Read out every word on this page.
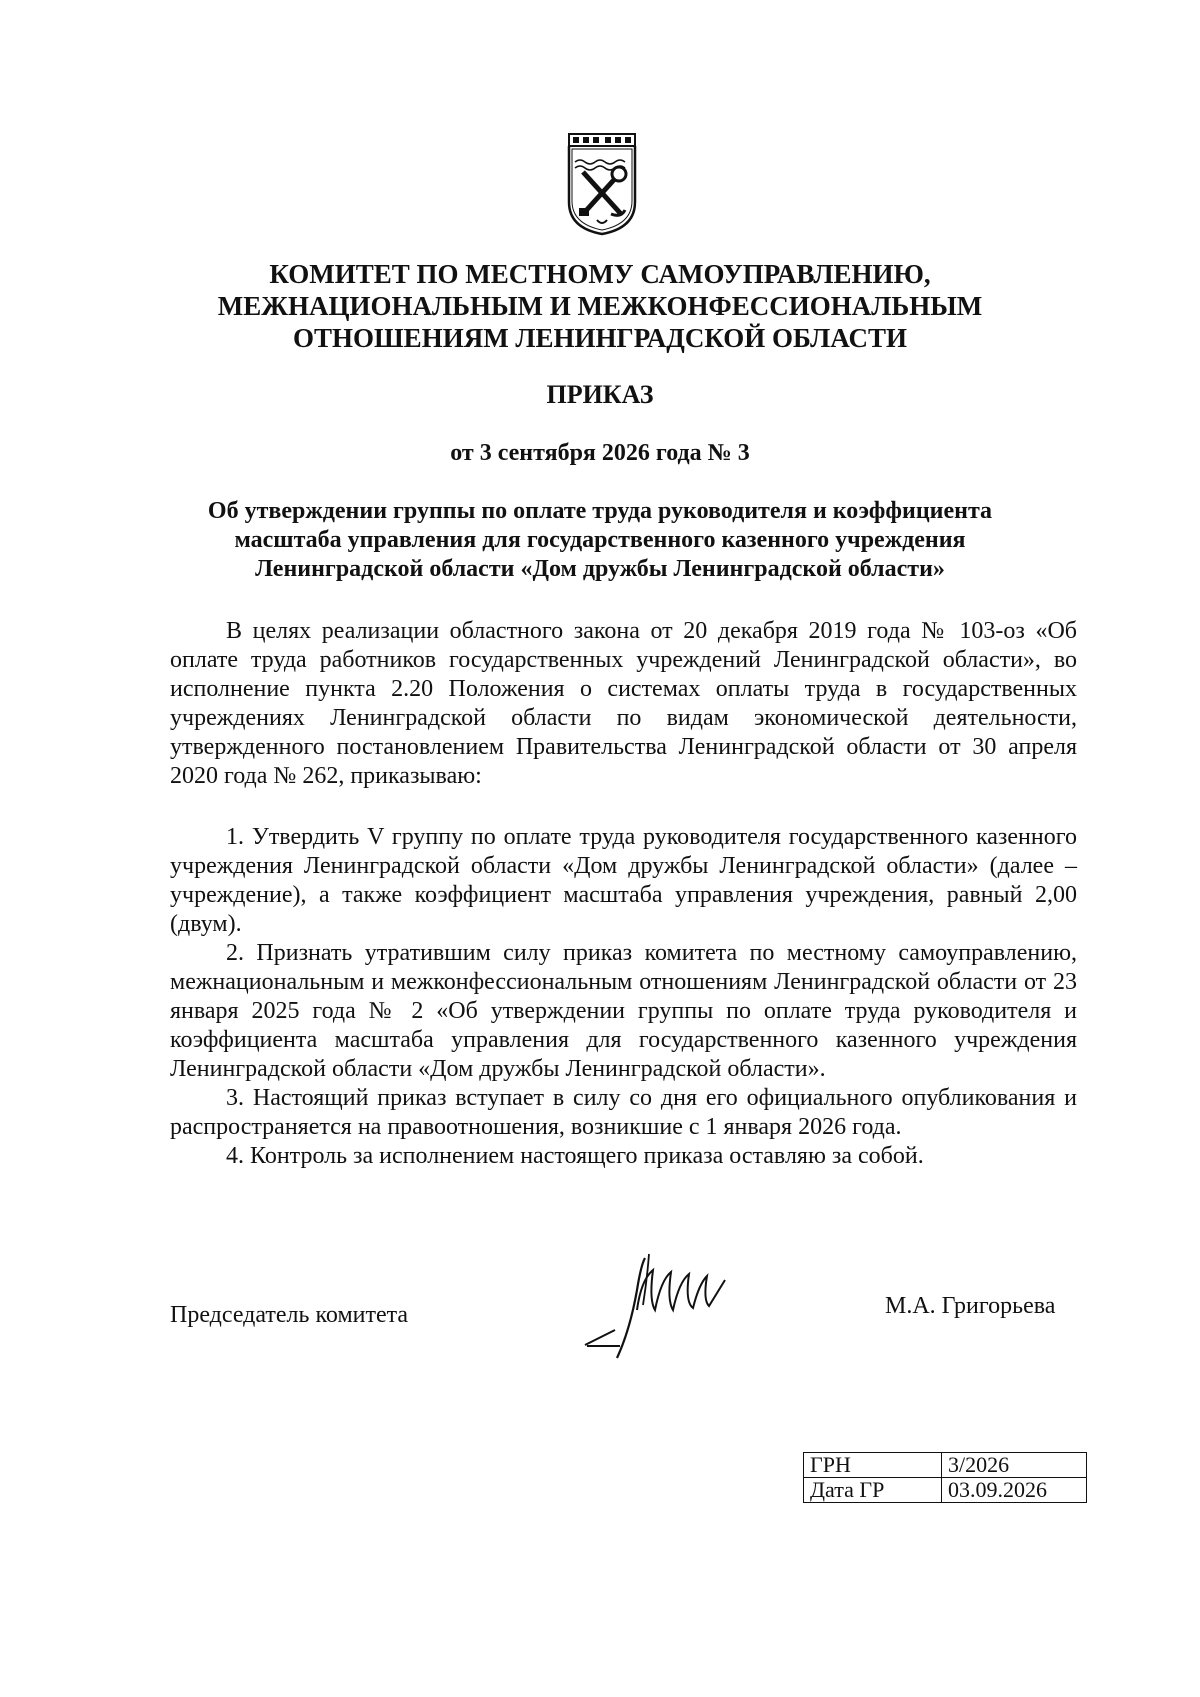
КОМИТЕТ ПО МЕСТНОМУ САМОУПРАВЛЕНИЮ,
МЕЖНАЦИОНАЛЬНЫМ И МЕЖКОНФЕССИОНАЛЬНЫМ
ОТНОШЕНИЯМ ЛЕНИНГРАДСКОЙ ОБЛАСТИ
ПРИКАЗ
от 3 сентября 2026 года № 3
Об утверждении группы по оплате труда руководителя и коэффициента
масштаба управления для государственного казенного учреждения
Ленинградской области «Дом дружбы Ленинградской области»

В целях реализации областного закона от 20 декабря 2019 года № 103-оз «Об оплате труда работников государственных учреждений Ленинградской области», во исполнение пункта 2.20 Положения о системах оплаты труда в государственных учреждениях Ленинградской области по видам экономической деятельности, утвержденного постановлением Правительства Ленинградской области от 30 апреля 2020 года № 262, приказываю:

1. Утвердить V группу по оплате труда руководителя государственного казенного учреждения Ленинградской области «Дом дружбы Ленинградской области» (далее – учреждение), а также коэффициент масштаба управления учреждения, равный 2,00 (двум).

2. Признать утратившим силу приказ комитета по местному самоуправлению, межнациональным и межконфессиональным отношениям Ленинградской области от 23 января 2025 года № 2 «Об утверждении группы по оплате труда руководителя и коэффициента масштаба управления для государственного казенного учреждения Ленинградской области «Дом дружбы Ленинградской области».

3. Настоящий приказ вступает в силу со дня его официального опубликования и распространяется на правоотношения, возникшие с 1 января 2026 года.

4. Контроль за исполнением настоящего приказа оставляю за собой.

Председатель комитета	М.А. Григорьева
ГРН	3/2026
Дата ГР	03.09.2026
